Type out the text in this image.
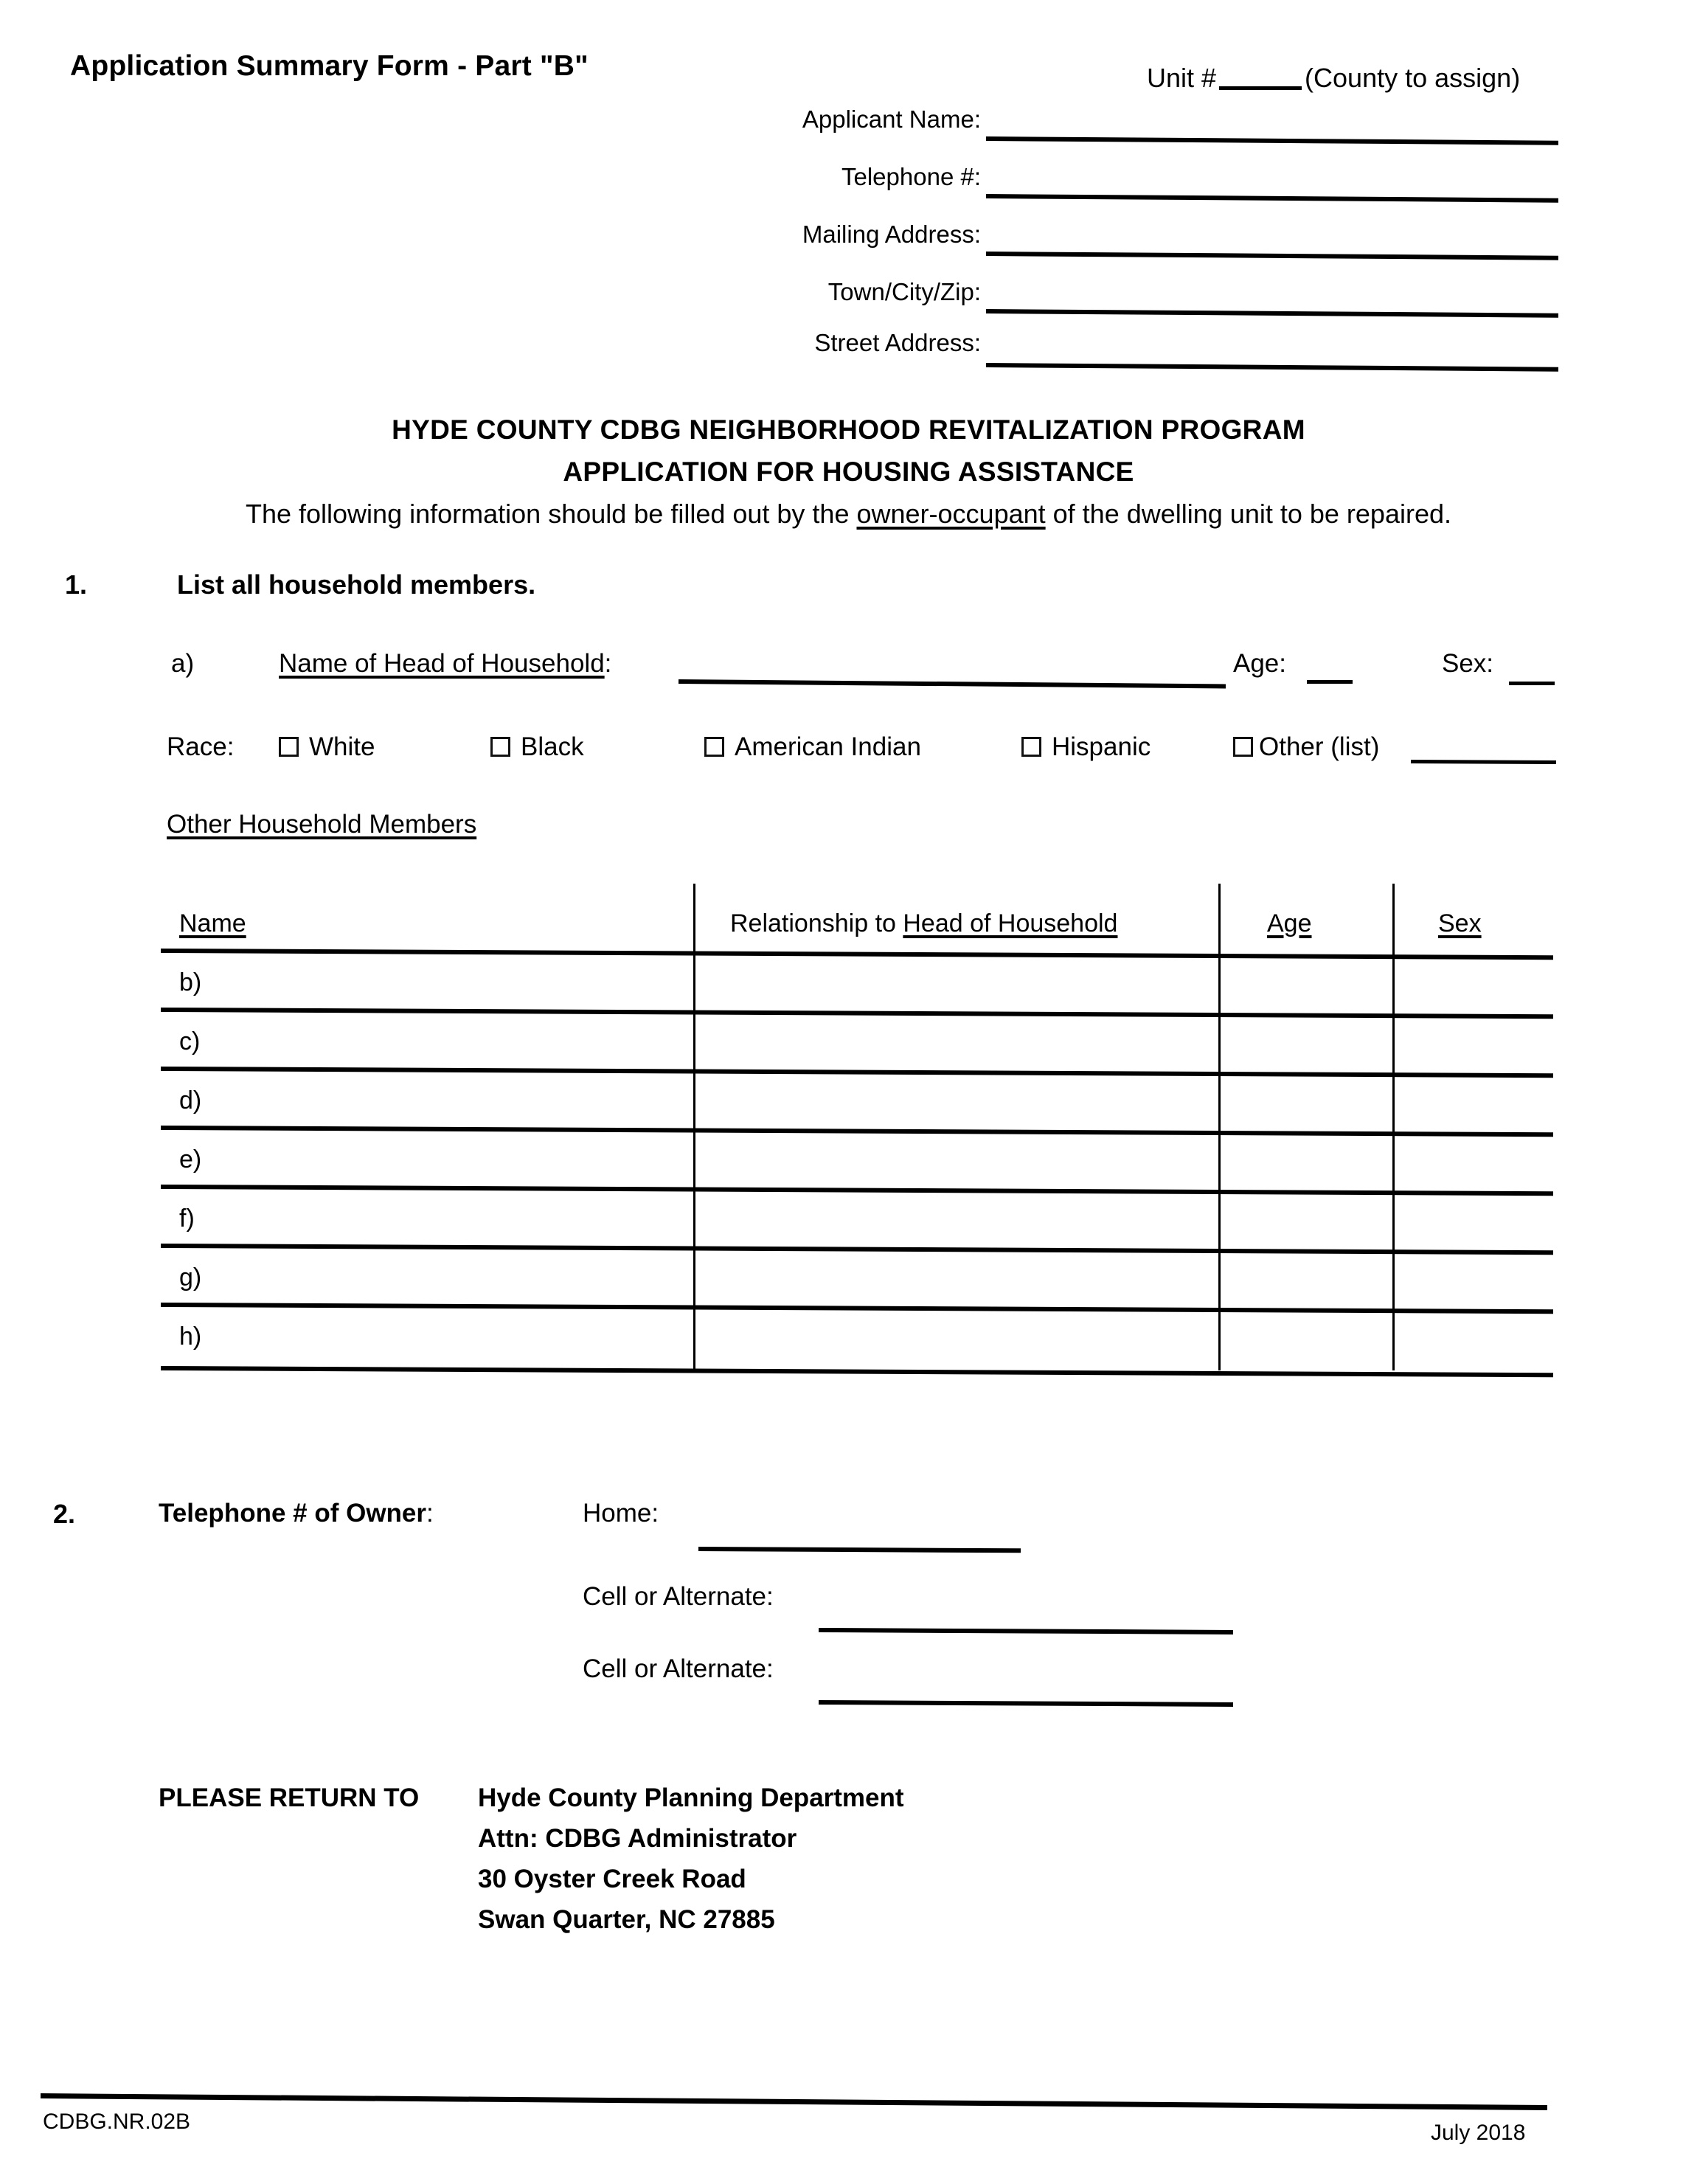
Application Summary Form - Part "B"	Unit #	(County to assign)
Applicant Name:
Telephone #:
Mailing Address:
Town/City/Zip:
Street Address:
HYDE COUNTY CDBG NEIGHBORHOOD REVITALIZATION PROGRAM
APPLICATION FOR HOUSING ASSISTANCE
The following information should be filled out by the owner-occupant of the dwelling unit to be repaired.
1.	List all household members.
a)	Name of Head of Household:	Age:	Sex:
Race:	White	Black	American Indian	Hispanic	Other (list)
Other Household Members
Name	Relationship to Head of Household	Age	Sex
b)
c)
d)
e)
f)
g)
h)
2.	Telephone # of Owner:	Home:
Cell or Alternate:
Cell or Alternate:
PLEASE RETURN TO Hyde County Planning Department
Attn: CDBG Administrator
30 Oyster Creek Road
Swan Quarter, NC 27885
CDBG.NR.02B	July 2018
